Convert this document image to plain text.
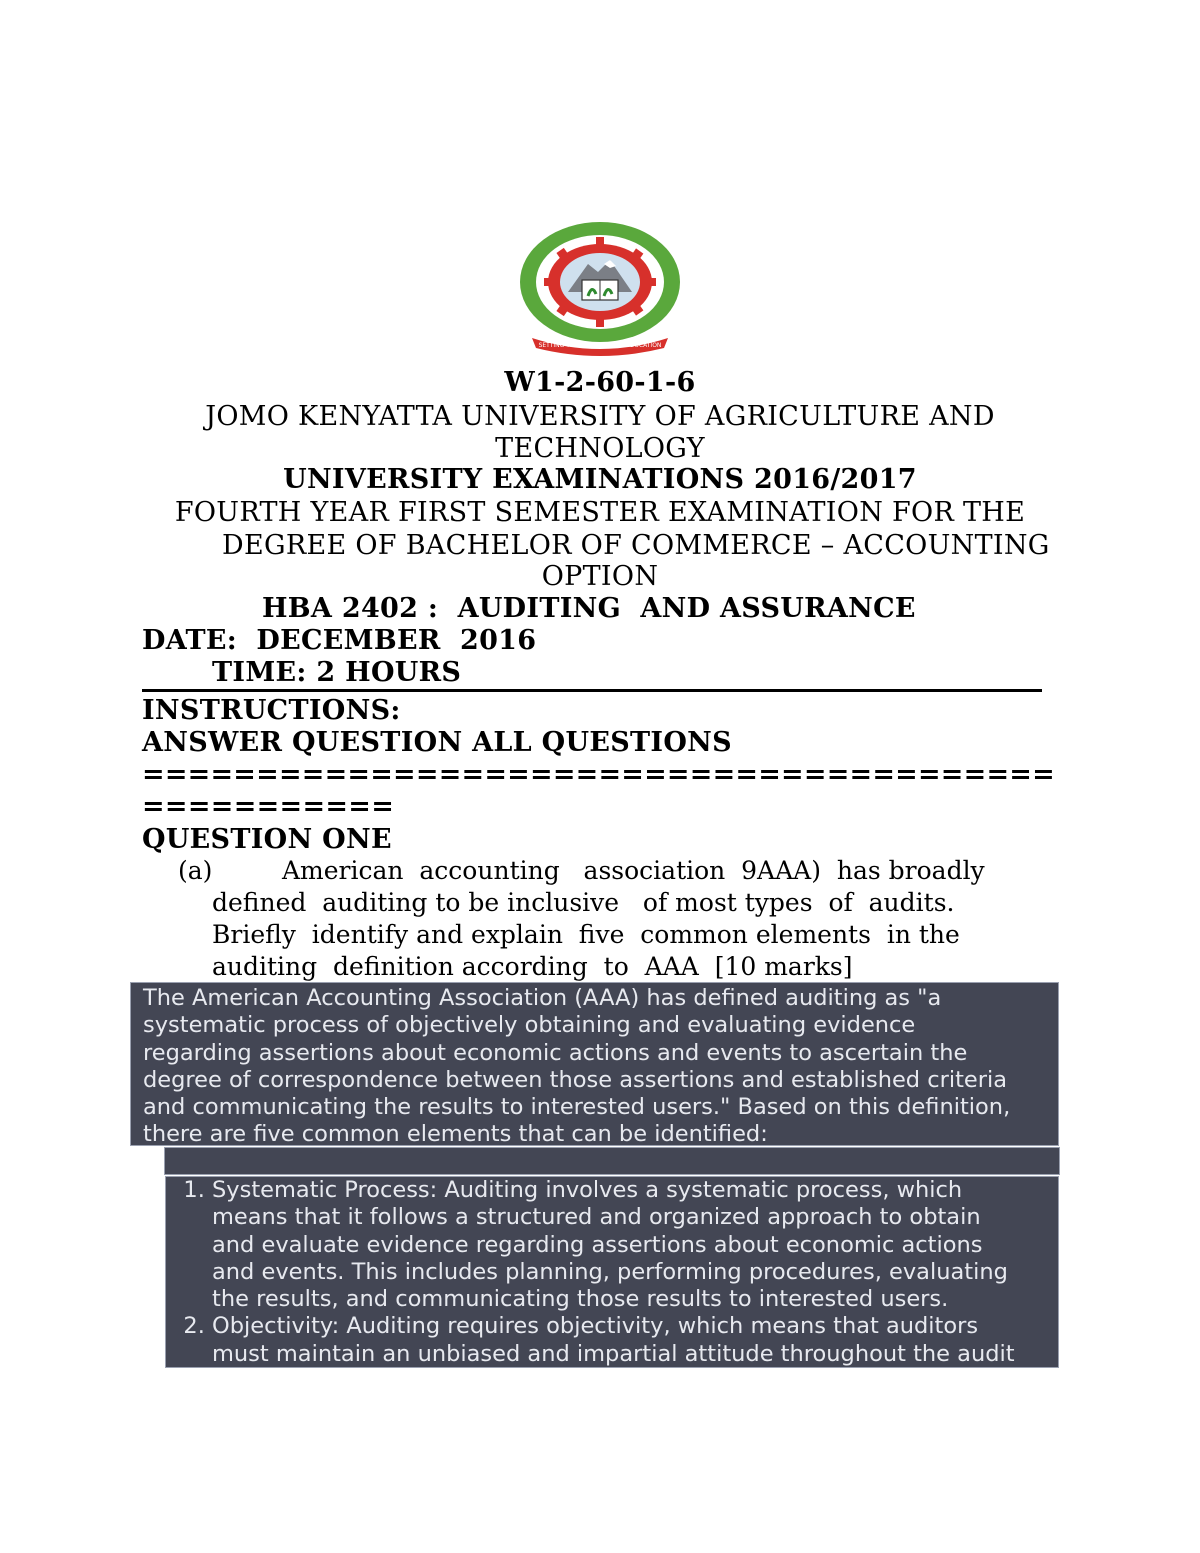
SETTING TRENDS IN HIGHER EDUCATION
W1-2-60-1-6
JOMO KENYATTA UNIVERSITY OF AGRICULTURE AND
TECHNOLOGY
UNIVERSITY EXAMINATIONS 2016/2017
FOURTH YEAR FIRST SEMESTER EXAMINATION FOR THE
DEGREE OF BACHELOR OF COMMERCE – ACCOUNTING
OPTION
HBA 2402 :  AUDITING  AND ASSURANCE
DATE:  DECEMBER  2016
TIME: 2 HOURS
INSTRUCTIONS:
ANSWER QUESTION ALL QUESTIONS
========================================
===========
QUESTION ONE
(a)	American  accounting   association  9AAA)  has broadly
defined  auditing to be inclusive   of most types  of  audits.
Briefly  identify and explain  five  common elements  in the
auditing  definition according  to  AAA  [10 marks]
The American Accounting Association (AAA) has defined auditing as "a
systematic process of objectively obtaining and evaluating evidence
regarding assertions about economic actions and events to ascertain the
degree of correspondence between those assertions and established criteria
and communicating the results to interested users." Based on this definition,
there are five common elements that can be identified:
1. Systematic Process: Auditing involves a systematic process, which
means that it follows a structured and organized approach to obtain
and evaluate evidence regarding assertions about economic actions
and events. This includes planning, performing procedures, evaluating
the results, and communicating those results to interested users.
2. Objectivity: Auditing requires objectivity, which means that auditors
must maintain an unbiased and impartial attitude throughout the audit
